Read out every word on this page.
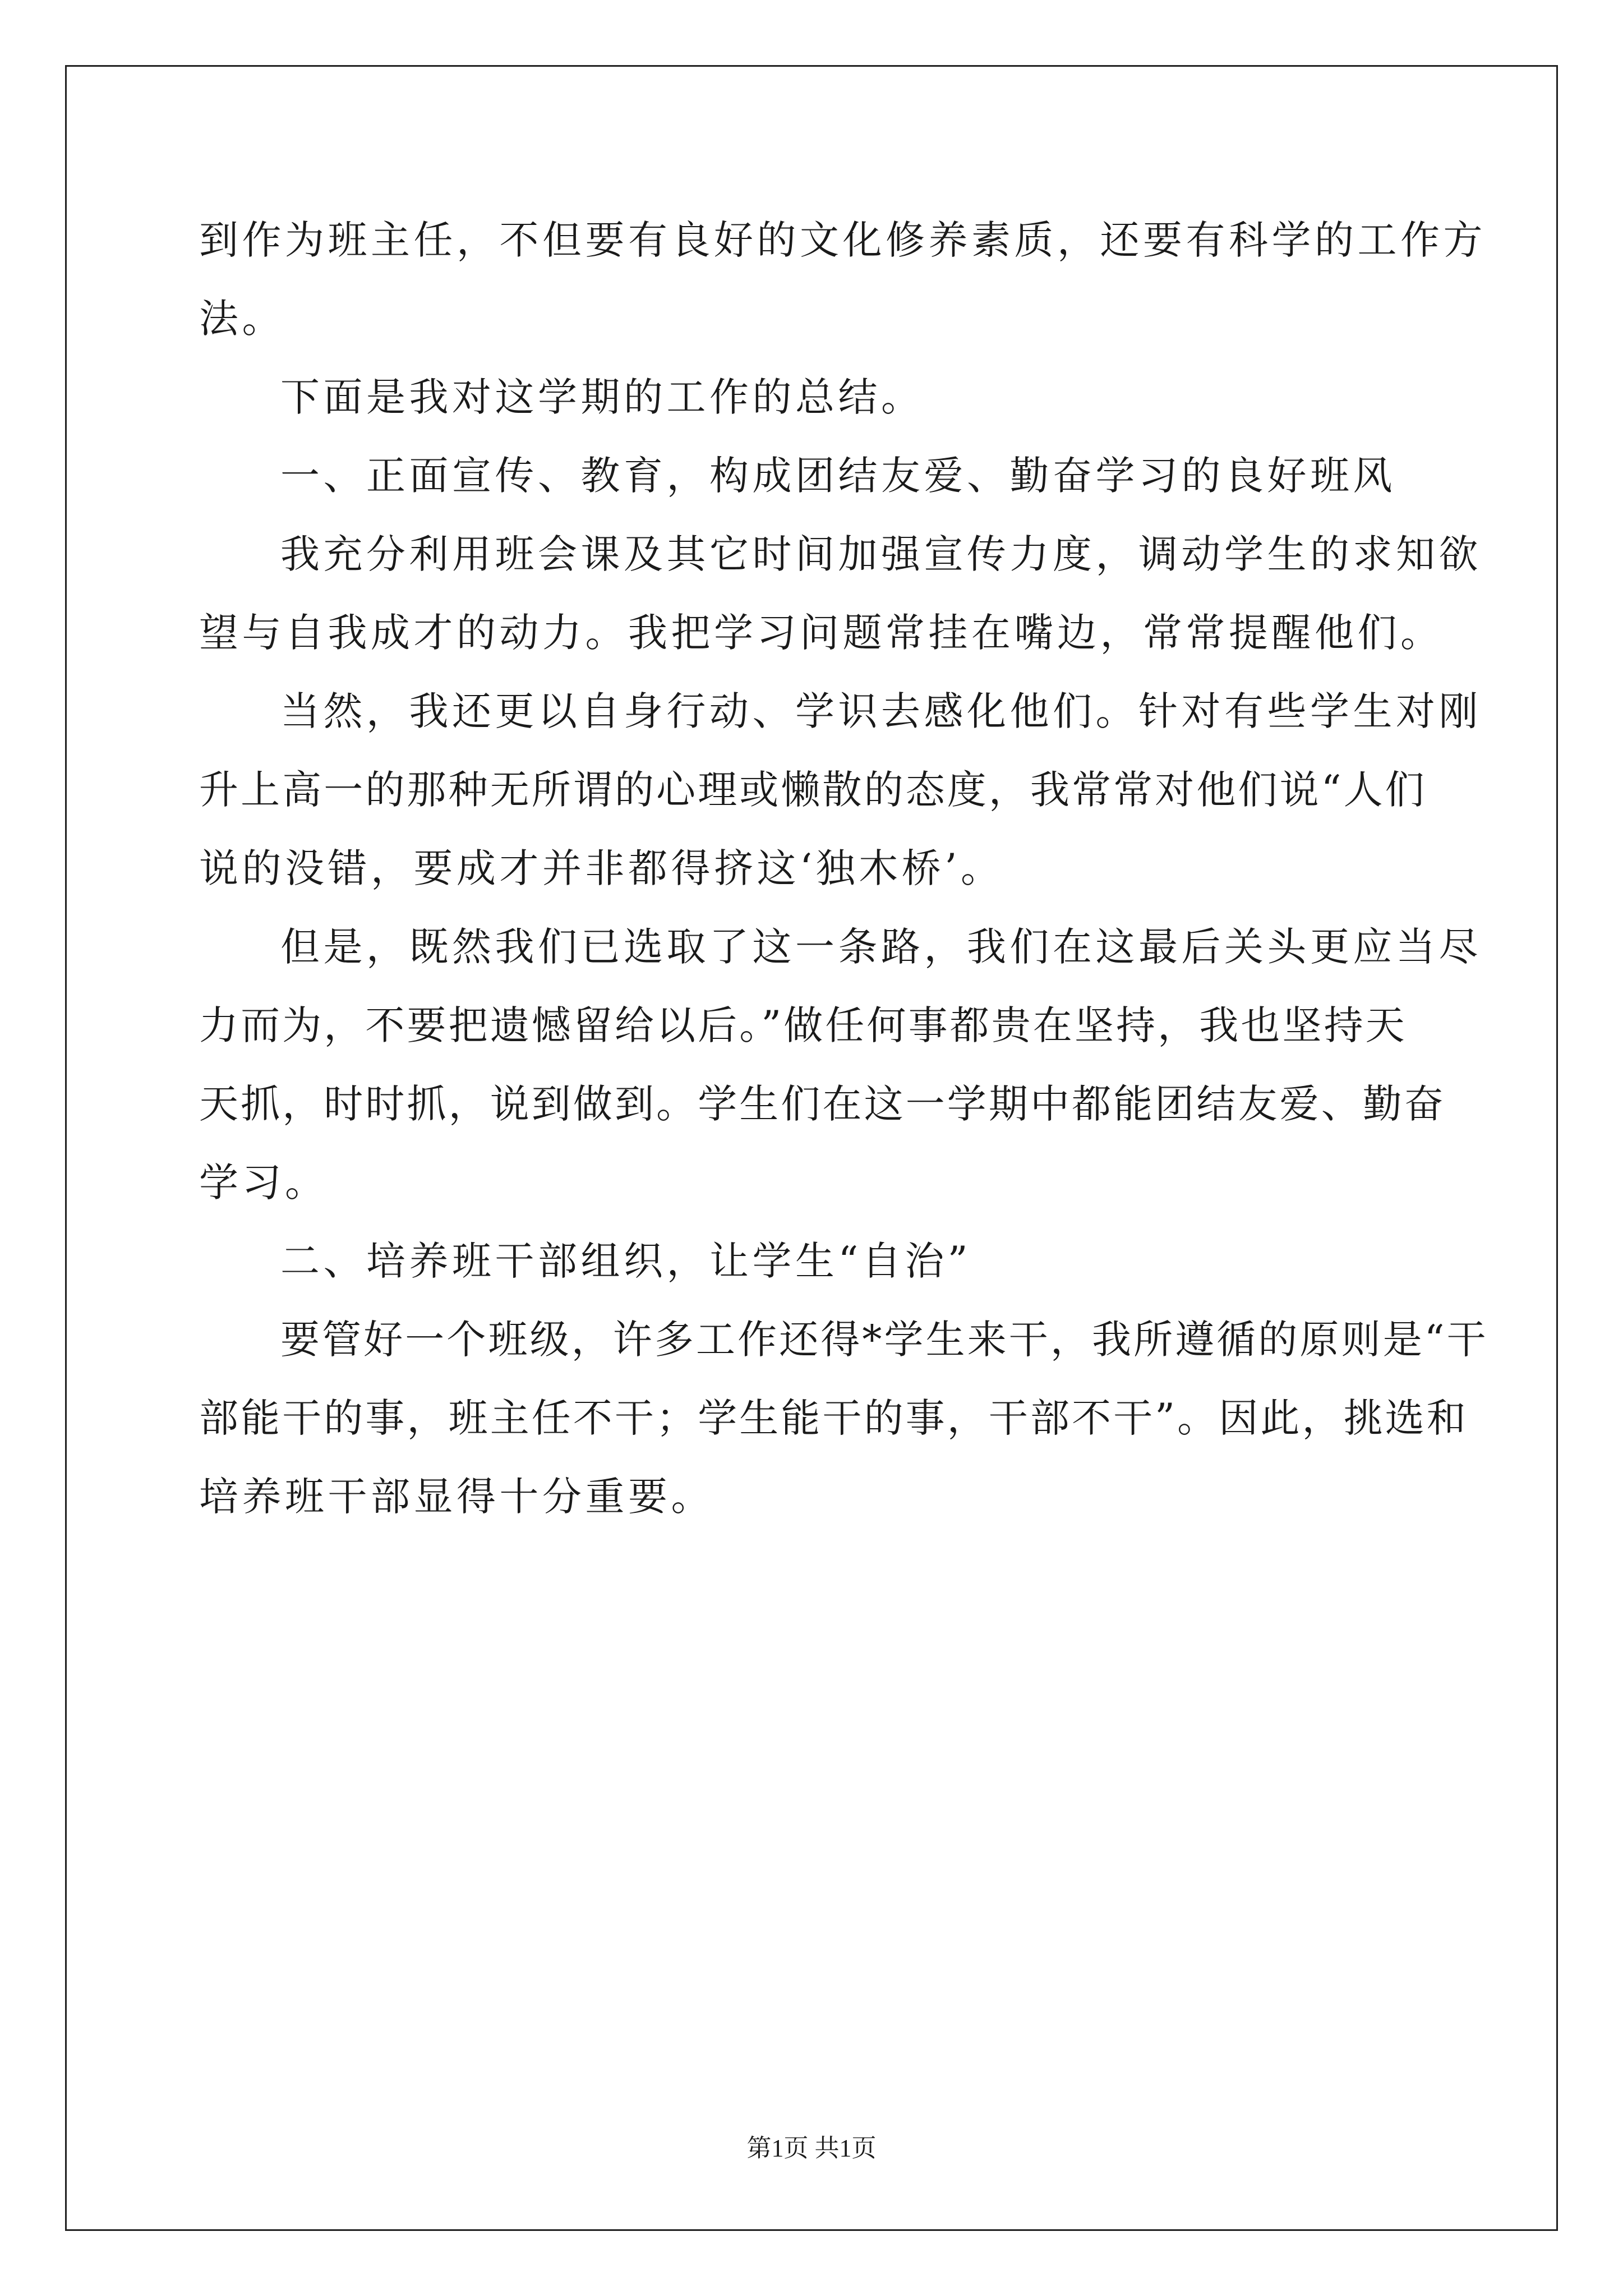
到作为班主任，不但要有良好的文化修养素质，还要有科学的工作方
法。
下面是我对这学期的工作的总结。
一、正面宣传、教育，构成团结友爱、勤奋学习的良好班风
我充分利用班会课及其它时间加强宣传力度，调动学生的求知欲
望与自我成才的动力。我把学习问题常挂在嘴边，常常提醒他们。
当然，我还更以自身行动、学识去感化他们。针对有些学生对刚
升上高一的那种无所谓的心理或懒散的态度，我常常对他们说“人们
说的没错，要成才并非都得挤这‘独木桥’。
但是，既然我们已选取了这一条路，我们在这最后关头更应当尽
力而为，不要把遗憾留给以后。”做任何事都贵在坚持，我也坚持天
天抓，时时抓，说到做到。学生们在这一学期中都能团结友爱、勤奋
学习。
二、培养班干部组织，让学生“自治”
要管好一个班级，许多工作还得*学生来干，我所遵循的原则是“干
部能干的事，班主任不干；学生能干的事，干部不干”。因此，挑选和
培养班干部显得十分重要。
第1页 共1页
